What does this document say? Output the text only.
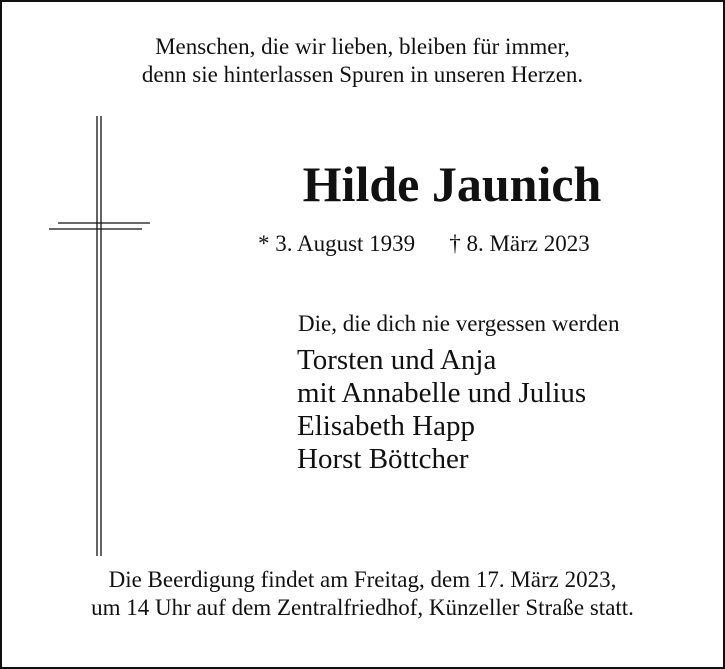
Menschen, die wir lieben, bleiben für immer,
denn sie hinterlassen Spuren in unseren Herzen.
Hilde Jaunich
* 3. August 1939 † 8. März 2023
Die, die dich nie vergessen werden
Torsten und Anja
mit Annabelle und Julius
Elisabeth Happ
Horst Böttcher
Die Beerdigung findet am Freitag, dem 17. März 2023,
um 14 Uhr auf dem Zentralfriedhof, Künzeller Straße statt.
